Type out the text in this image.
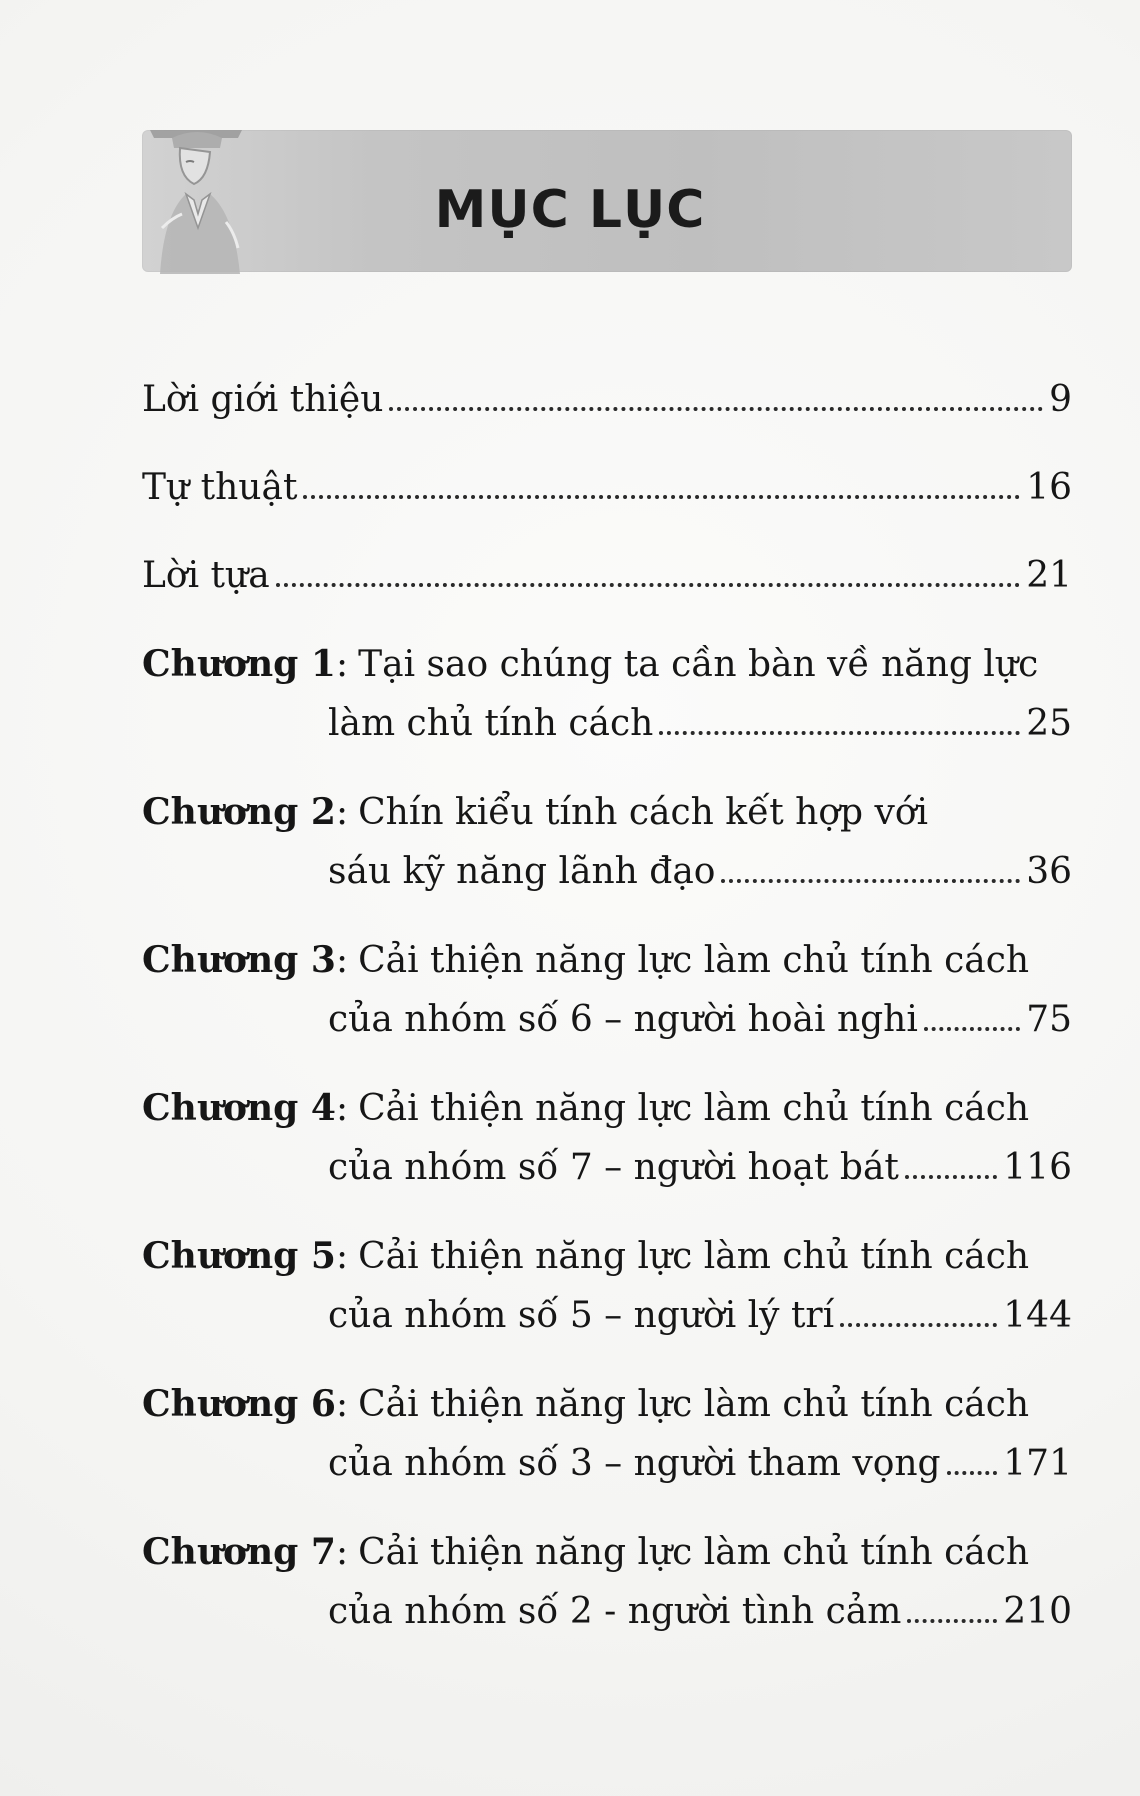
MỤC LỤC
Lời giới thiệu	9
Tự thuật	16
Lời tựa	21
Chương 1 : Tại sao chúng ta cần bàn về năng lực
làm chủ tính cách	25
Chương 2 : Chín kiểu tính cách kết hợp với
sáu kỹ năng lãnh đạo	36
Chương 3 : Cải thiện năng lực làm chủ tính cách
của nhóm số 6 – người hoài nghi	75
Chương 4 : Cải thiện năng lực làm chủ tính cách
của nhóm số 7 – người hoạt bát	116
Chương 5 : Cải thiện năng lực làm chủ tính cách
của nhóm số 5 – người lý trí	144
Chương 6 : Cải thiện năng lực làm chủ tính cách
của nhóm số 3 – người tham vọng 171
Chương 7 : Cải thiện năng lực làm chủ tính cách
của nhóm số 2 - người tình cảm	210
